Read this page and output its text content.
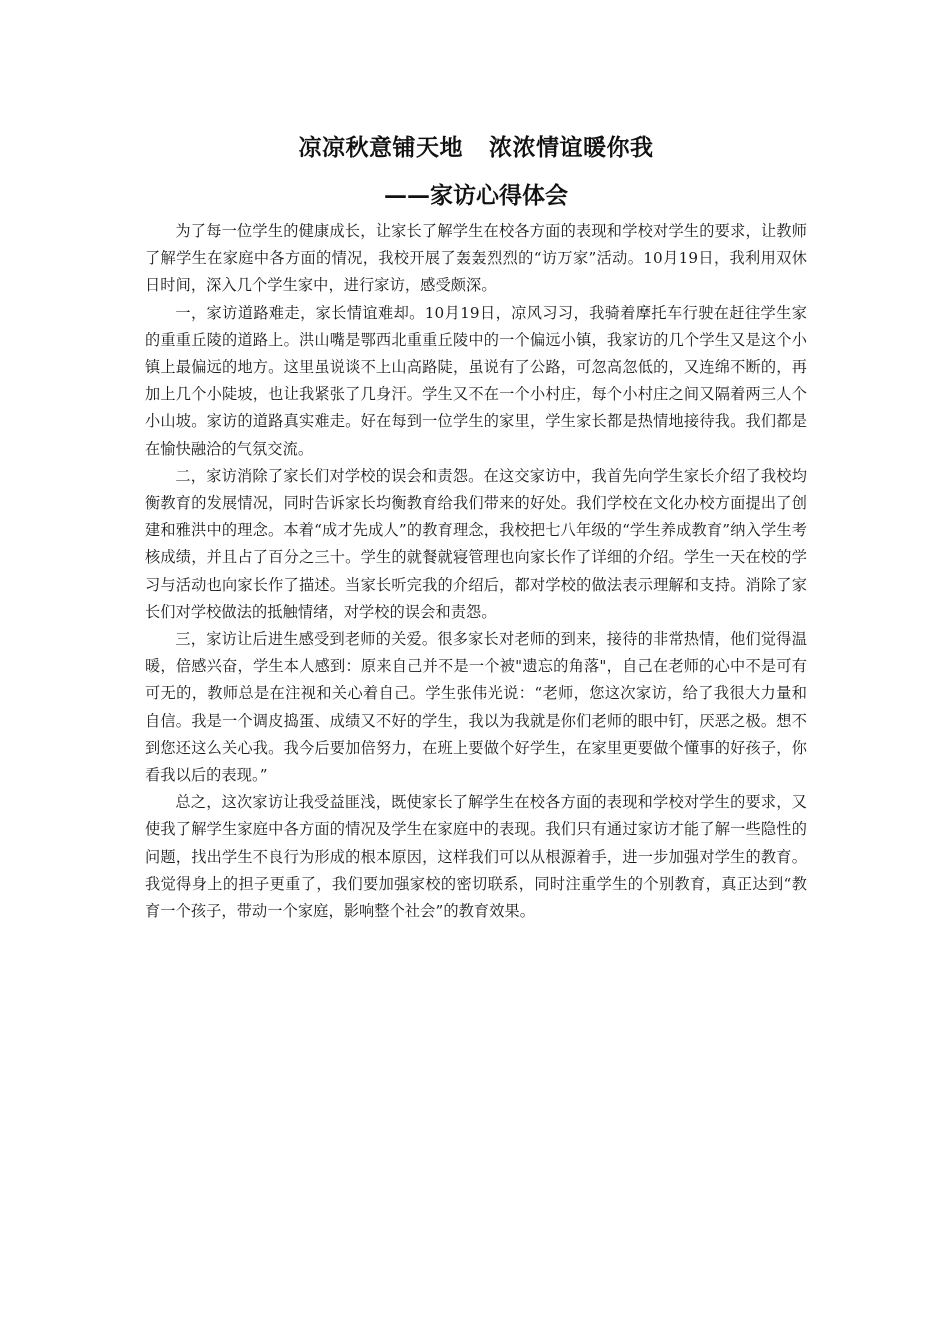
凉凉秋意铺天地 浓浓情谊暖你我
——家访心得体会

为了每一位学生的健康成长，让家长了解学生在校各方面的表现和学校对学生的要求，让教师了解学生在家庭中各方面的情况，我校开展了轰轰烈烈的“访万家”活动。10月19日，我利用双休日时间，深入几个学生家中，进行家访，感受颇深。

一，家访道路难走，家长情谊难却。10月19日，凉风习习，我骑着摩托车行驶在赶往学生家的重重丘陵的道路上。洪山嘴是鄂西北重重丘陵中的一个偏远小镇，我家访的几个学生又是这个小镇上最偏远的地方。这里虽说谈不上山高路陡，虽说有了公路，可忽高忽低的，又连绵不断的，再加上几个小陡坡，也让我紧张了几身汗。学生又不在一个小村庄，每个小村庄之间又隔着两三人个小山坡。家访的道路真实难走。好在每到一位学生的家里，学生家长都是热情地接待我。我们都是在愉快融洽的气氛交流。

二，家访消除了家长们对学校的误会和责怨。在这交家访中，我首先向学生家长介绍了我校均衡教育的发展情况，同时告诉家长均衡教育给我们带来的好处。我们学校在文化办校方面提出了创建和雅洪中的理念。本着“成才先成人”的教育理念，我校把七八年级的“学生养成教育”纳入学生考核成绩，并且占了百分之三十。学生的就餐就寝管理也向家长作了详细的介绍。学生一天在校的学习与活动也向家长作了描述。当家长听完我的介绍后，都对学校的做法表示理解和支持。消除了家长们对学校做法的抵触情绪，对学校的误会和责怨。

三，家访让后进生感受到老师的关爱。很多家长对老师的到来，接待的非常热情，他们觉得温暖，倍感兴奋，学生本人感到：原来自己并不是一个被"遗忘的角落"，自己在老师的心中不是可有可无的，教师总是在注视和关心着自己。学生张伟光说：“老师，您这次家访，给了我很大力量和自信。我是一个调皮捣蛋、成绩又不好的学生，我以为我就是你们老师的眼中钉，厌恶之极。想不到您还这么关心我。我今后要加倍努力，在班上要做个好学生，在家里更要做个懂事的好孩子，你看我以后的表现。”

总之，这次家访让我受益匪浅，既使家长了解学生在校各方面的表现和学校对学生的要求，又使我了解学生家庭中各方面的情况及学生在家庭中的表现。我们只有通过家访才能了解一些隐性的问题，找出学生不良行为形成的根本原因，这样我们可以从根源着手，进一步加强对学生的教育。我觉得身上的担子更重了，我们要加强家校的密切联系，同时注重学生的个别教育，真正达到“教育一个孩子，带动一个家庭，影响整个社会”的教育效果。
